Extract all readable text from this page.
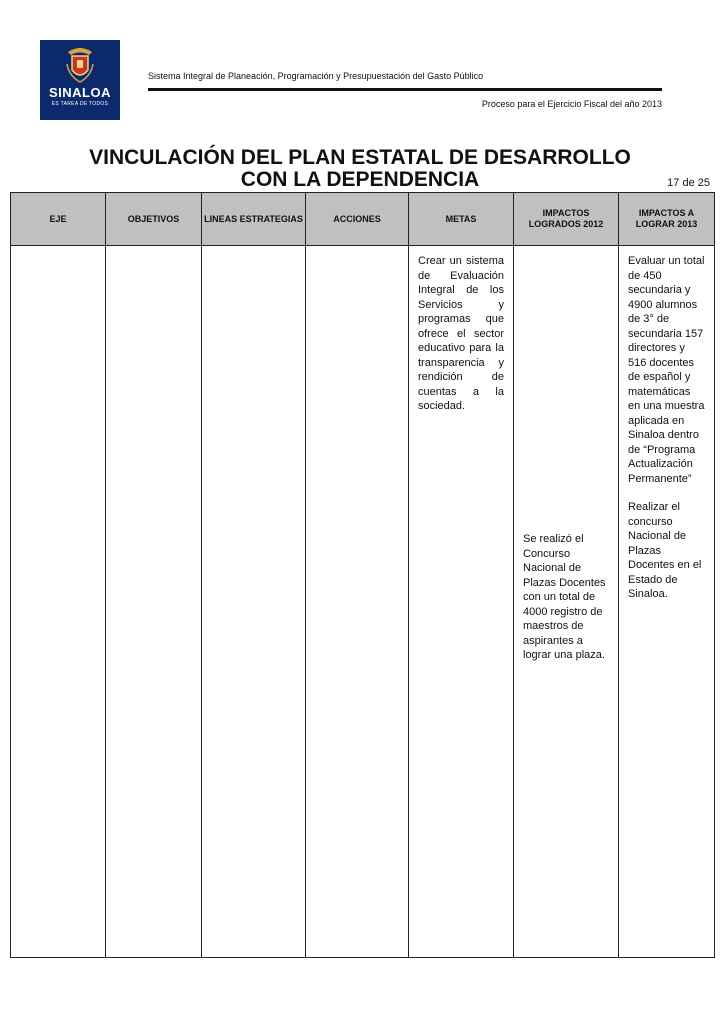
SINALOA
ES TAREA DE TODOS
Sistema Integral de Planeación, Programación y Presupuestación del Gasto Público
Proceso para el Ejercicio Fiscal del año 2013
VINCULACIÓN DEL PLAN ESTATAL DE DESARROLLO
CON LA DEPENDENCIA	17 de 25
EJE	OBJETIVOS	LINEAS ESTRATEGIAS	ACCIONES	METAS	IMPACTOS LOGRADOS 2012	IMPACTOS A LOGRAR 2013

				Crear un sistema de Evaluación Integral de los Servicios y programas que ofrece el sector educativo para la transparencia y rendición de cuentas a la sociedad.	Se realizó el Concurso Nacional de Plazas Docentes con un total de 4000 registro de maestros de aspirantes a lograr una plaza.	Evaluar un total de 450 secundaria y 4900 alumnos de 3° de secundaria 157 directores y 516 docentes de español y matemáticas en una muestra aplicada en Sinaloa dentro de “Programa Actualización Permanente”

Realizar el concurso Nacional de Plazas Docentes en el Estado de Sinaloa.
